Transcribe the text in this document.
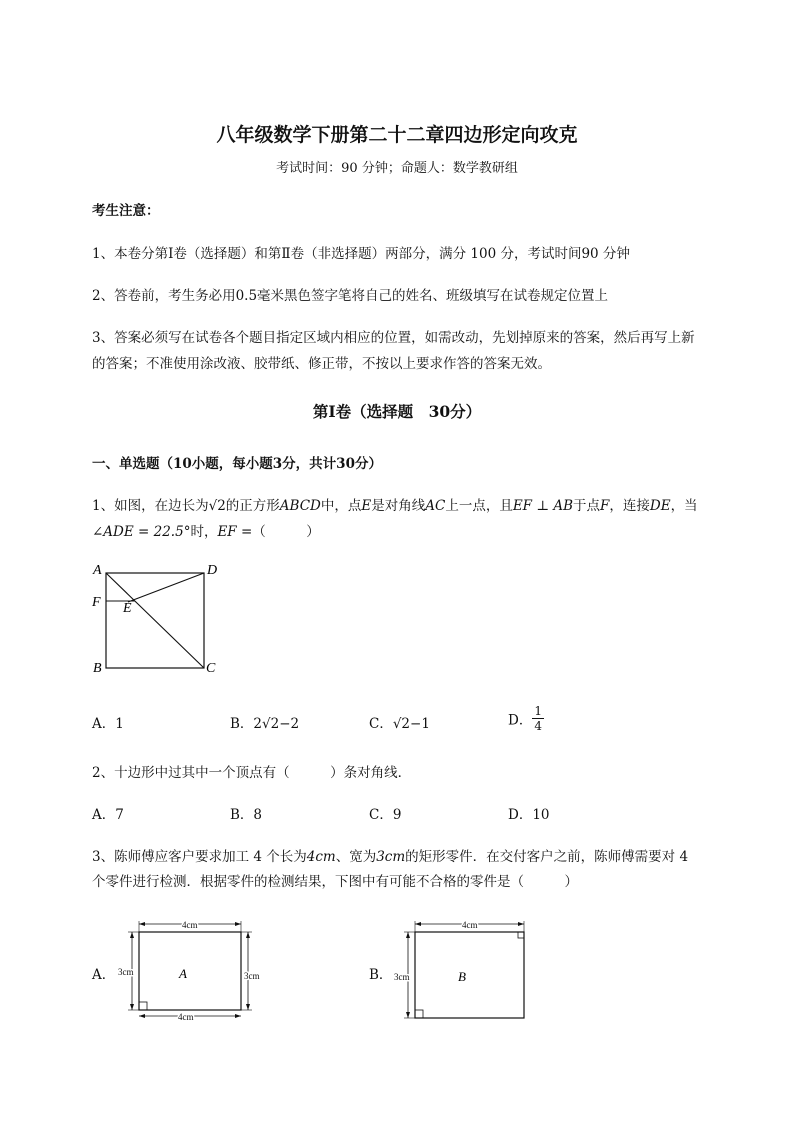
八年级数学下册第二十二章四边形定向攻克
考试时间：90 分钟；命题人：数学教研组
考生注意：
1、本卷分第Ⅰ卷（选择题）和第Ⅱ卷（非选择题）两部分，满分 100 分，考试时间90 分钟
2、答卷前，考生务必用0.5毫米黑色签字笔将自己的姓名、班级填写在试卷规定位置上
3、答案必须写在试卷各个题目指定区域内相应的位置，如需改动，先划掉原来的答案，然后再写上新
的答案；不准使用涂改液、胶带纸、修正带，不按以上要求作答的答案无效。
第Ⅰ卷（选择题　30分）
一、单选题（10小题，每小题3分，共计30分）
1、如图，在边长为√2的正方形ABCD中，点E是对角线AC上一点，且EF ⊥ AB于点F，连接DE，当
∠ADE = 22.5°时，EF =（　　　）
A	D
F E
B	C
A．1	B．2√2−2	C．√2−1	D． $\frac{1}{4}$
2、十边形中过其中一个顶点有（　　　）条对角线．
A．7	B．8	C．9	D．10
3、陈师傅应客户要求加工 4 个长为4cm、宽为3cm的矩形零件．在交付客户之前，陈师傅需要对 4
个零件进行检测．根据零件的检测结果，下图中有可能不合格的零件是（　　　）
A．
4cm
4cm
3cm	3cm
A	B．
4cm
3cm	B
